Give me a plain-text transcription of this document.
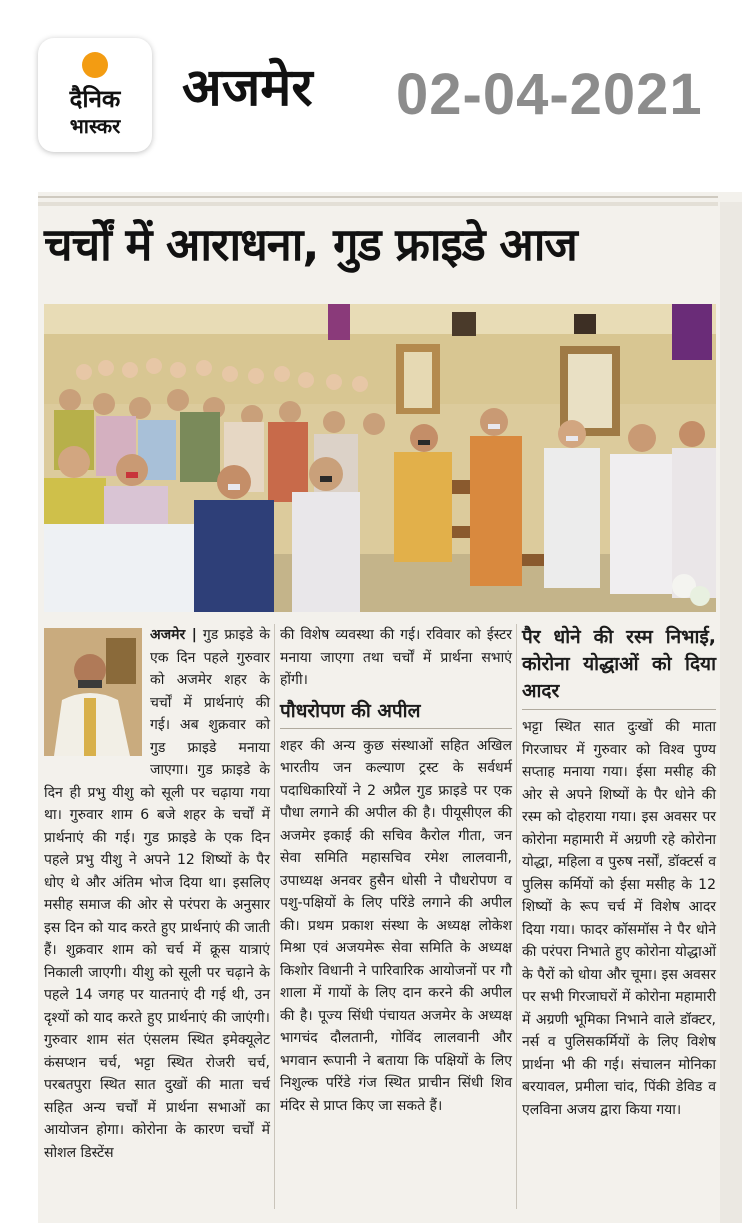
दैनिक
भास्कर
अजमेर 02-04-2021
चर्चों में आराधना, गुड फ्राइडे आज
अजमेर | गुड फ्राइडे के एक दिन पहले गुरुवार को अजमेर शहर के चर्चों में प्रार्थनाएं की गई। अब शुक्रवार को गुड फ्राइडे मनाया जाएगा। गुड फ्राइडे के दिन ही प्रभु यीशु को सूली पर चढ़ाया गया था। गुरुवार शाम 6 बजे शहर के चर्चों में प्रार्थनाएं की गई। गुड फ्राइडे के एक दिन पहले प्रभु यीशु ने अपने 12 शिष्यों के पैर धोए थे और अंतिम भोज दिया था। इसलिए मसीह समाज की ओर से परंपरा के अनुसार इस दिन को याद करते हुए प्रार्थनाएं की जाती हैं। शुक्रवार शाम को चर्च में क्रूस यात्राएं निकाली जाएगी। यीशु को सूली पर चढ़ाने के पहले 14 जगह पर यातनाएं दी गई थी, उन दृश्यों को याद करते हुए प्रार्थनाएं की जाएंगी। गुरुवार शाम संत एंसलम स्थित इमेक्यूलेट कंसप्शन चर्च, भट्टा स्थित रोजरी चर्च, परबतपुरा स्थित सात दुखों की माता चर्च सहित अन्य चर्चों में प्रार्थना सभाओं का आयोजन होगा। कोरोना के कारण चर्चों में सोशल डिस्टेंस
की विशेष व्यवस्था की गई। रविवार को ईस्टर मनाया जाएगा तथा चर्चों में प्रार्थना सभाएं होंगी।
पौधरोपण की अपील
शहर की अन्य कुछ संस्थाओं सहित अखिल भारतीय जन कल्याण ट्रस्ट के सर्वधर्म पदाधिकारियों ने 2 अप्रैल गुड फ्राइडे पर एक पौधा लगाने की अपील की है। पीयूसीएल की अजमेर इकाई की सचिव कैरोल गीता, जन सेवा समिति महासचिव रमेश लालवानी, उपाध्यक्ष अनवर हुसैन धोसी ने पौधरोपण व पशु-पक्षियों के लिए परिंडे लगाने की अपील की। प्रथम प्रकाश संस्था के अध्यक्ष लोकेश मिश्रा एवं अजयमेरू सेवा समिति के अध्यक्ष किशोर विधानी ने पारिवारिक आयोजनों पर गौ शाला में गायों के लिए दान करने की अपील की है। पूज्य सिंधी पंचायत अजमेर के अध्यक्ष भागचंद दौलतानी, गोविंद लालवानी और भगवान रूपानी ने बताया कि पक्षियों के लिए निशुल्क परिंडे गंज स्थित प्राचीन सिंधी शिव मंदिर से प्राप्त किए जा सकते हैं।
पैर धोने की रस्म निभाई, कोरोना योद्धाओं को दिया आदर
भट्टा स्थित सात दुःखों की माता गिरजाघर में गुरुवार को विश्व पुण्य सप्ताह मनाया गया। ईसा मसीह की ओर से अपने शिष्यों के पैर धोने की रस्म को दोहराया गया। इस अवसर पर कोरोना महामारी में अग्रणी रहे कोरोना योद्धा, महिला व पुरुष नर्सों, डॉक्टर्स व पुलिस कर्मियों को ईसा मसीह के 12 शिष्यों के रूप चर्च में विशेष आदर दिया गया। फादर कॉसमॉस ने पैर धोने की परंपरा निभाते हुए कोरोना योद्धाओं के पैरों को धोया और चूमा। इस अवसर पर सभी गिरजाघरों में कोरोना महामारी में अग्रणी भूमिका निभाने वाले डॉक्टर, नर्स व पुलिसकर्मियों के लिए विशेष प्रार्थना भी की गई। संचालन मोनिका बरयावल, प्रमीला चांद, पिंकी डेविड व एलविना अजय द्वारा किया गया।
